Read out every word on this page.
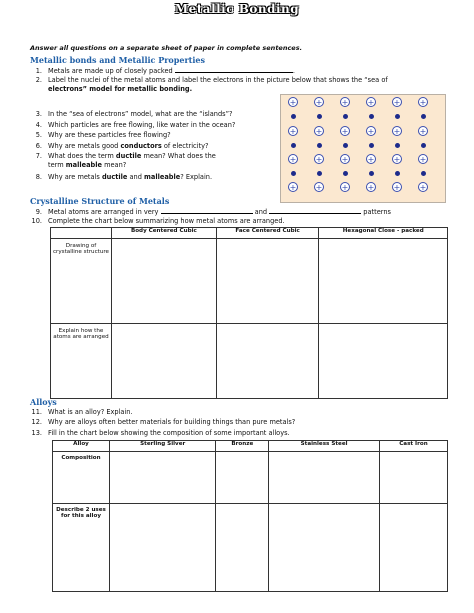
Metallic Bonding
Answer all questions on a separate sheet of paper in complete sentences.
Metallic bonds and Metallic Properties
1. Metals are made up of closely packed	.
2. Label the nuclei of the metal atoms and label the electrons in the picture below that shows the “sea of
electrons” model for metallic bonding.
3. In the “sea of electrons” model, what are the “islands”?
4. Which particles are free flowing, like water in the ocean?
5. Why are these particles free flowing?
6. Why are metals good conductors of electricity?
7. What does the term ductile mean? What does the
term malleable mean?
8. Why are metals ductile and malleable? Explain.
+ + + + + +
+ + + + + +
+ + + + + +
+ + + + + +
Crystalline Structure of Metals
9. Metal atoms are arranged in very	and	patterns
10. Complete the chart below summarizing how metal atoms are arranged.
	Body Centered Cubic	Face Centered Cubic	Hexagonal Close - packed
Drawing of crystalline structure			
Explain how the atoms are arranged			
Alloys
11. What is an alloy? Explain.
12. Why are alloys often better materials for building things than pure metals?
13. Fill in the chart below showing the composition of some important alloys.
Alloy	Sterling Silver	Bronze	Stainless Steel	Cast Iron
Composition				
Describe 2 uses for this alloy				
